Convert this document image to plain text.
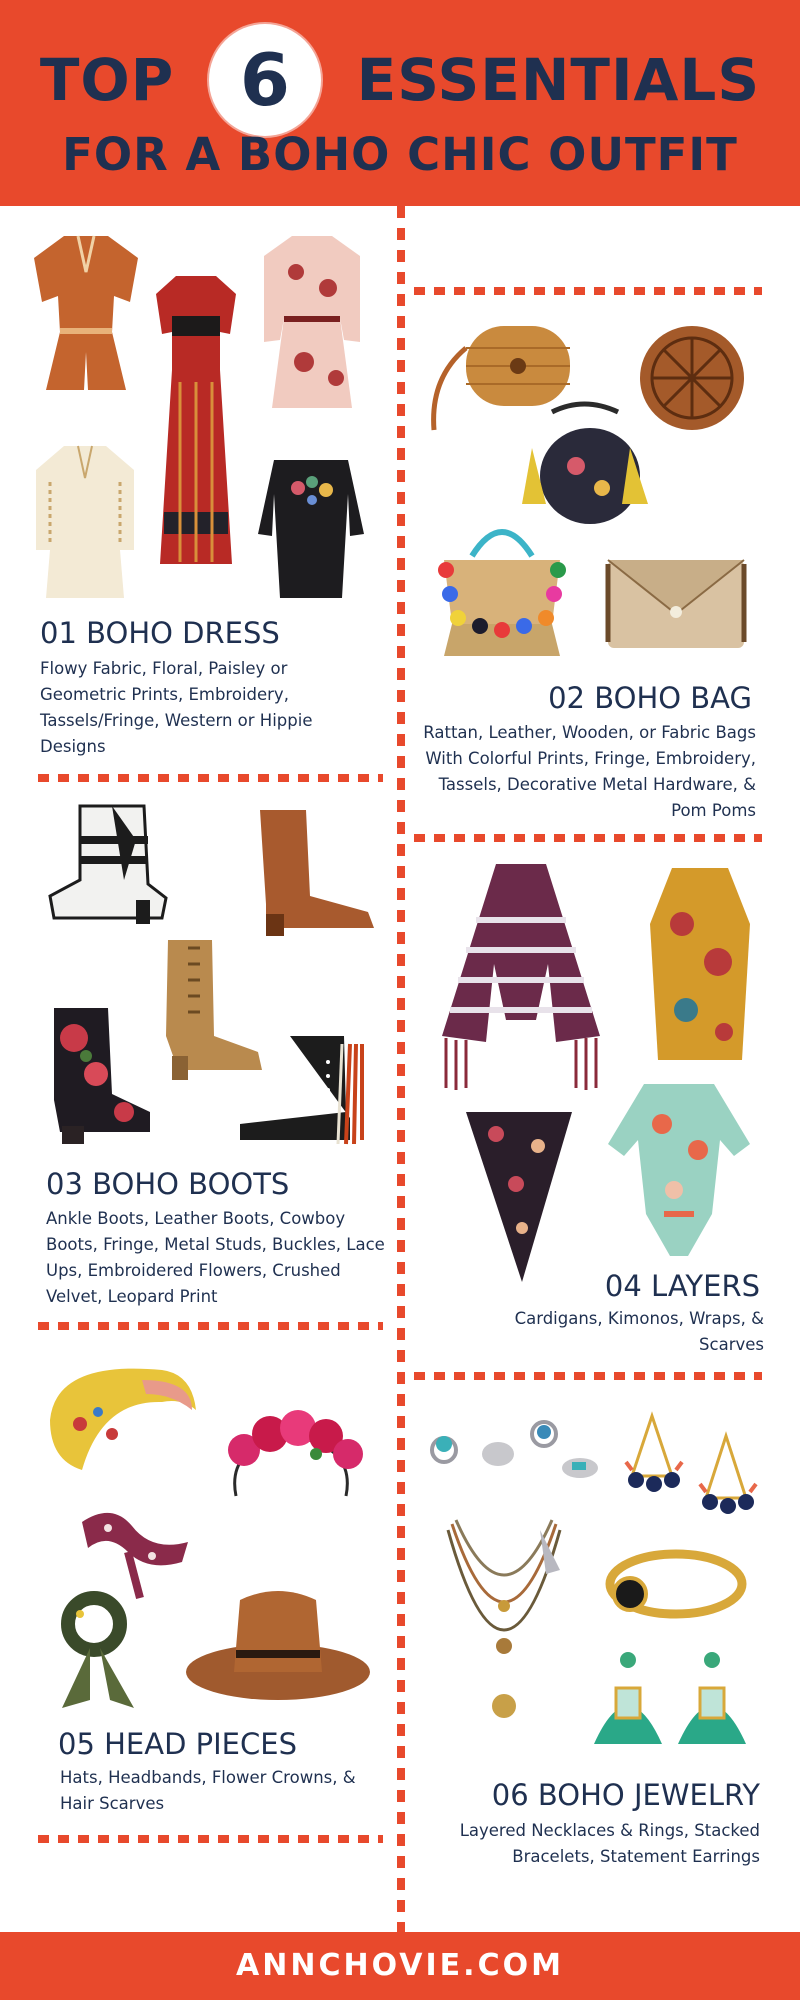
TOP 6 ESSENTIALS
FOR A BOHO CHIC OUTFIT
01 BOHO DRESS
Flowy Fabric, Floral, Paisley or Geometric Prints, Embroidery, Tassels/Fringe, Western or Hippie Designs
02 BOHO BAG
Rattan, Leather, Wooden, or Fabric Bags With Colorful Prints, Fringe, Embroidery, Tassels, Decorative Metal Hardware, & Pom Poms
03 BOHO BOOTS
Ankle Boots, Leather Boots, Cowboy Boots, Fringe, Metal Studs, Buckles, Lace Ups, Embroidered Flowers, Crushed Velvet, Leopard Print	04 LAYERS
Cardigans, Kimonos, Wraps, & Scarves
05 HEAD PIECES
Hats, Headbands, Flower Crowns, & Hair Scarves	06 BOHO JEWELRY
Layered Necklaces & Rings, Stacked Bracelets, Statement Earrings
ANNCHOVIE.COM
